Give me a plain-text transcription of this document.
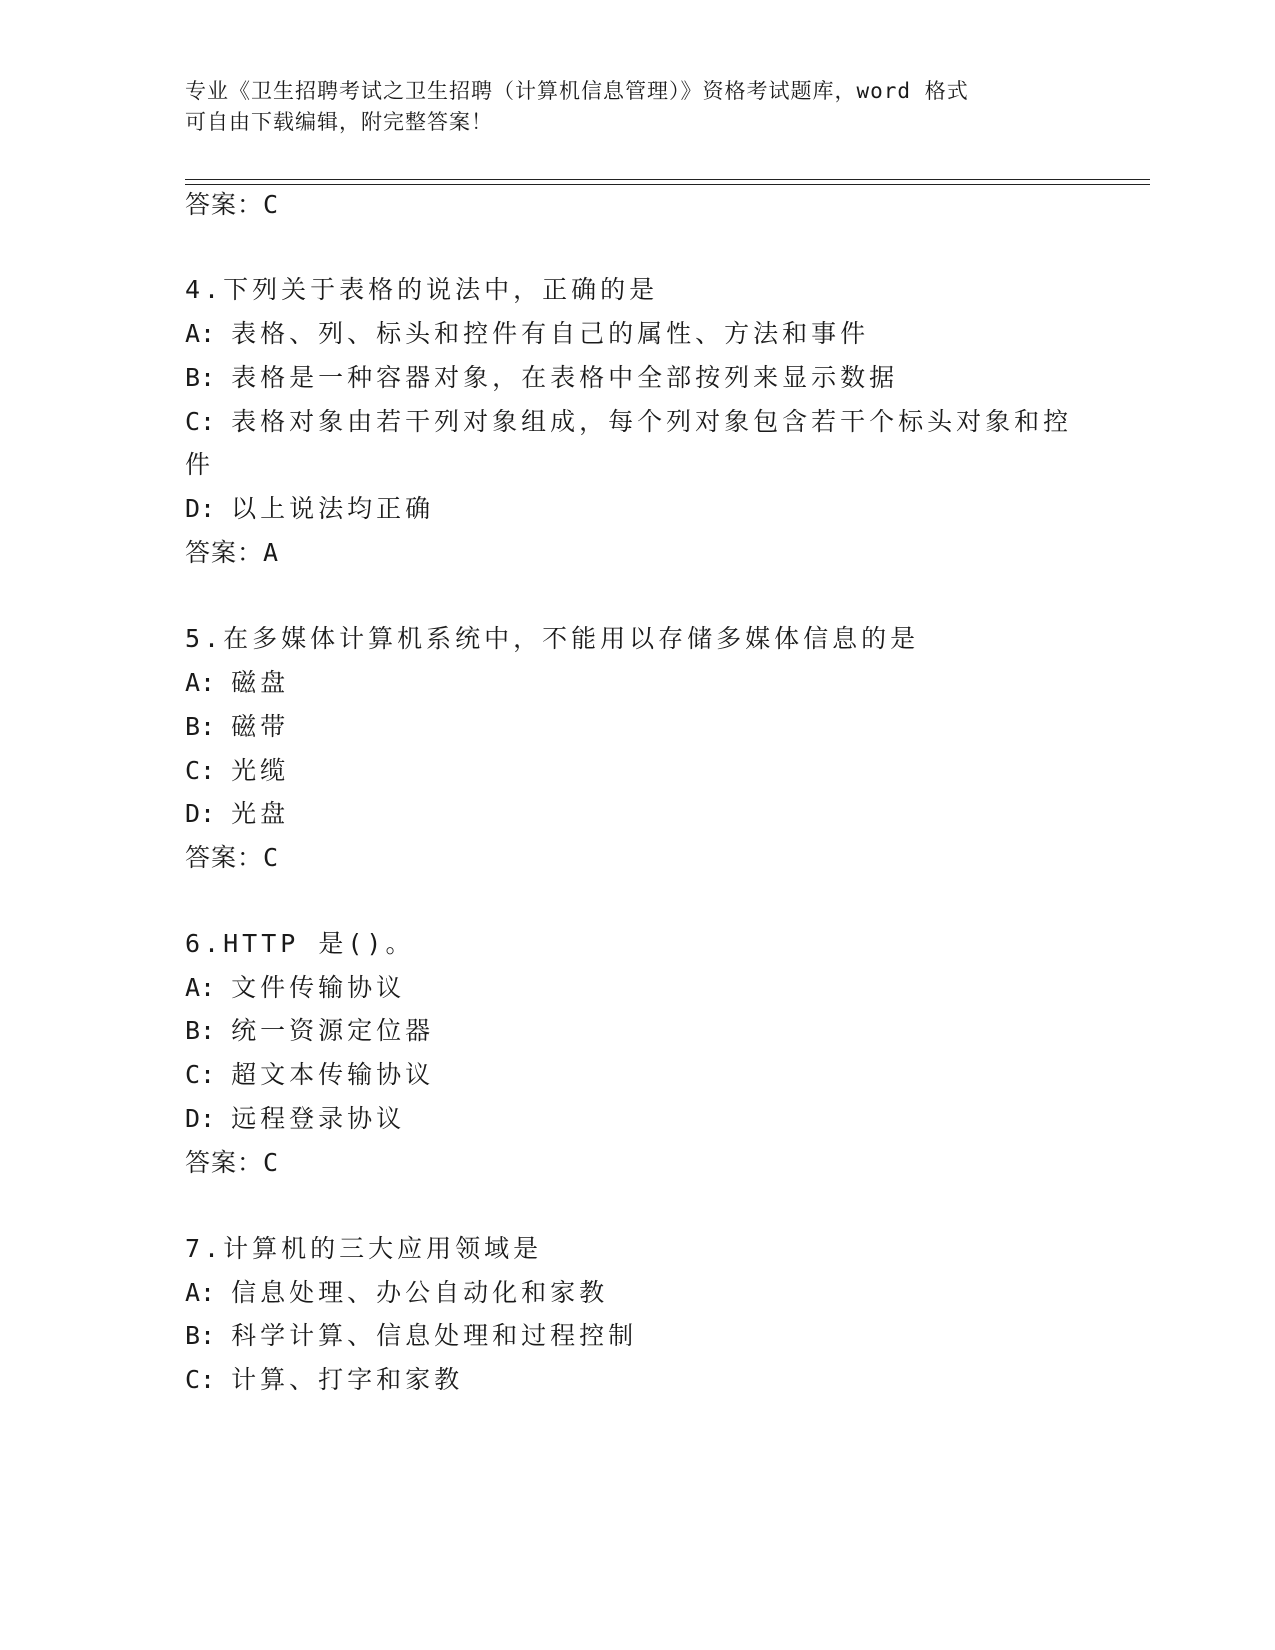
专业《卫生招聘考试之卫生招聘（计算机信息管理）》资格考试题库，word 格式
可自由下载编辑，附完整答案！
答案：C
4.下列关于表格的说法中，正确的是
A: 表格、列、标头和控件有自己的属性、方法和事件
B: 表格是一种容器对象，在表格中全部按列来显示数据
C: 表格对象由若干列对象组成，每个列对象包含若干个标头对象和控
件
D: 以上说法均正确
答案：A
5.在多媒体计算机系统中，不能用以存储多媒体信息的是
A: 磁盘
B: 磁带
C: 光缆
D: 光盘
答案：C
6.HTTP 是()。
A: 文件传输协议
B: 统一资源定位器
C: 超文本传输协议
D: 远程登录协议
答案：C
7.计算机的三大应用领域是
A: 信息处理、办公自动化和家教
B: 科学计算、信息处理和过程控制
C: 计算、打字和家教
